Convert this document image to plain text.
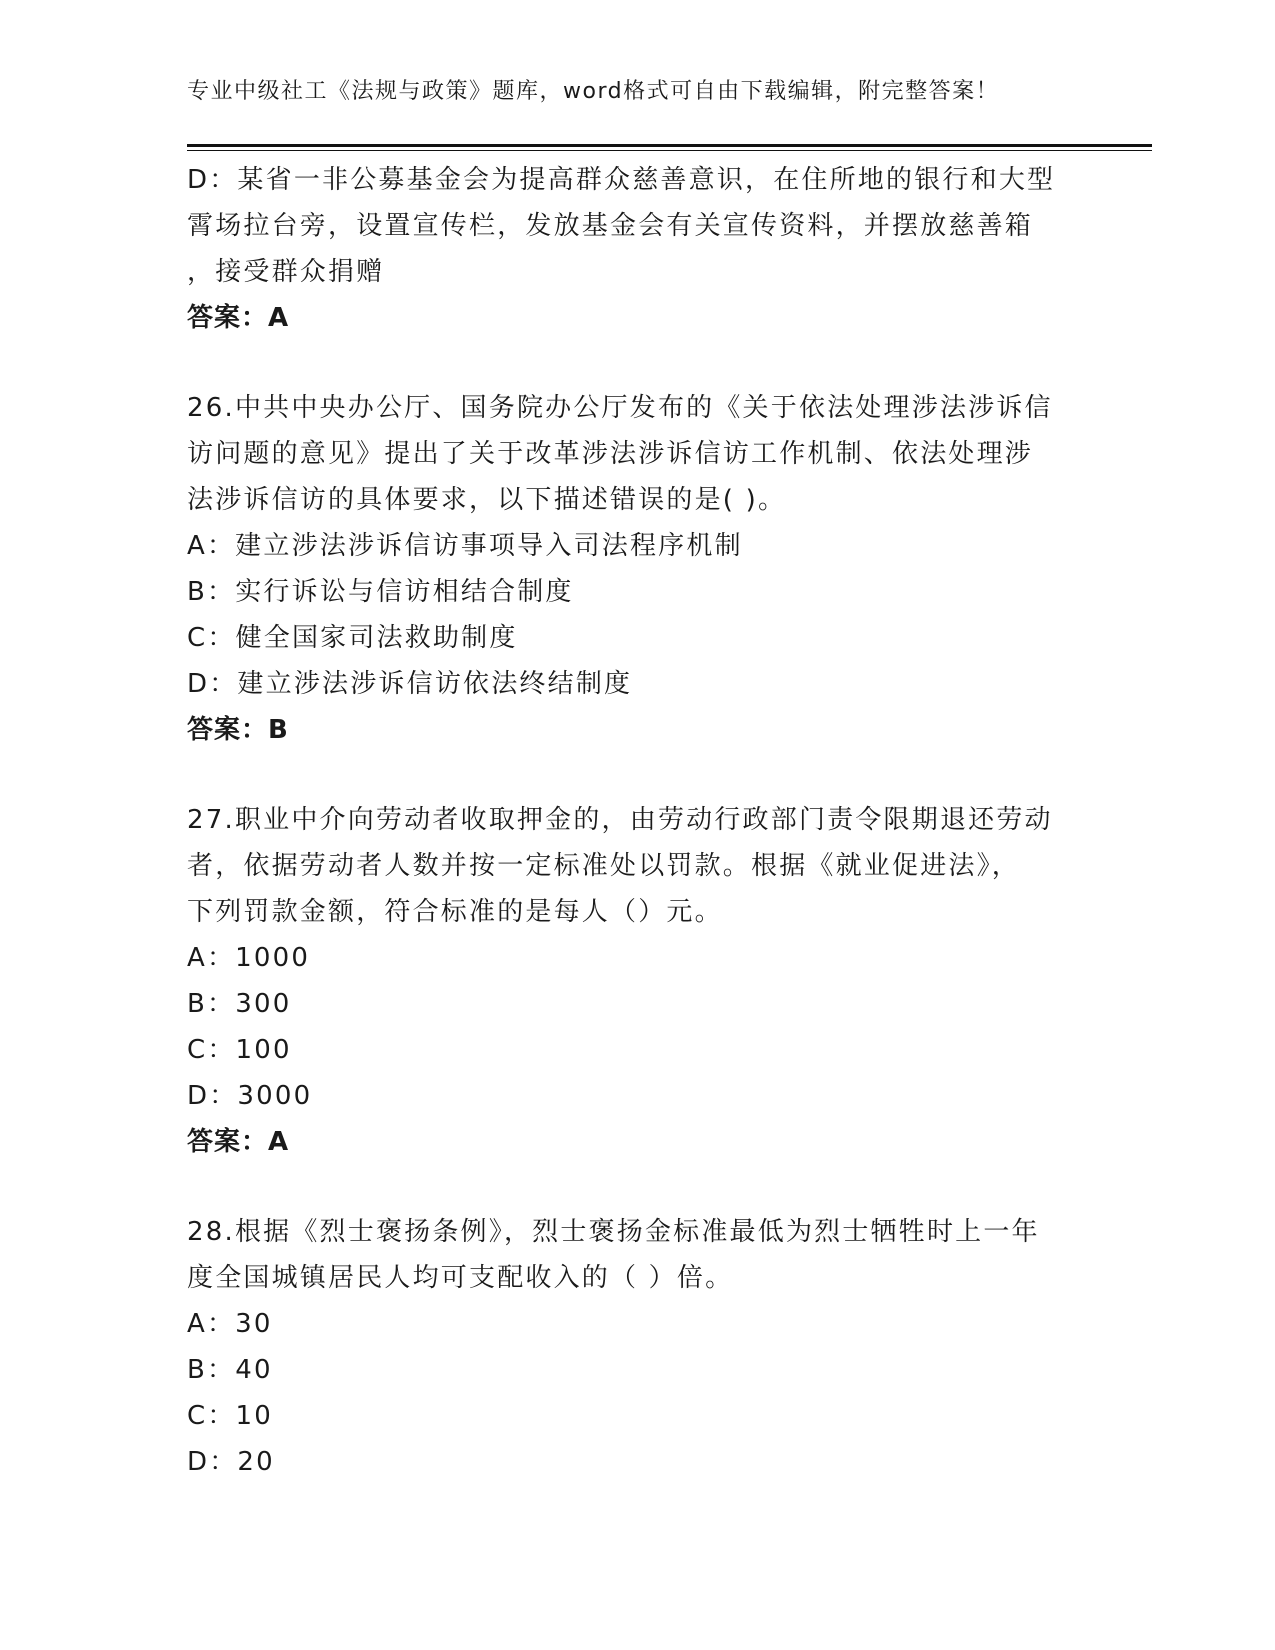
专业中级社工《法规与政策》题库，word格式可自由下载编辑，附完整答案！
D：某省一非公募基金会为提高群众慈善意识，在住所地的银行和大型
霄场拉台旁，设置宣传栏，发放基金会有关宣传资料，并摆放慈善箱
，接受群众捐赠
答案：A
26.中共中央办公厅、国务院办公厅发布的《关于依法处理涉法涉诉信
访问题的意见》提出了关于改革涉法涉诉信访工作机制、依法处理涉
法涉诉信访的具体要求，以下描述错误的是( )。
A：建立涉法涉诉信访事项导入司法程序机制
B：实行诉讼与信访相结合制度
C：健全国家司法救助制度
D：建立涉法涉诉信访依法终结制度
答案：B
27.职业中介向劳动者收取押金的，由劳动行政部门责令限期退还劳动
者，依据劳动者人数并按一定标准处以罚款。根据《就业促进法》，
下列罚款金额，符合标准的是每人（）元。
A：1000
B：300
C：100
D：3000
答案：A
28.根据《烈士褒扬条例》，烈士褒扬金标准最低为烈士牺牲时上一年
度全国城镇居民人均可支配收入的（ ）倍。
A：30
B：40
C：10
D：20
